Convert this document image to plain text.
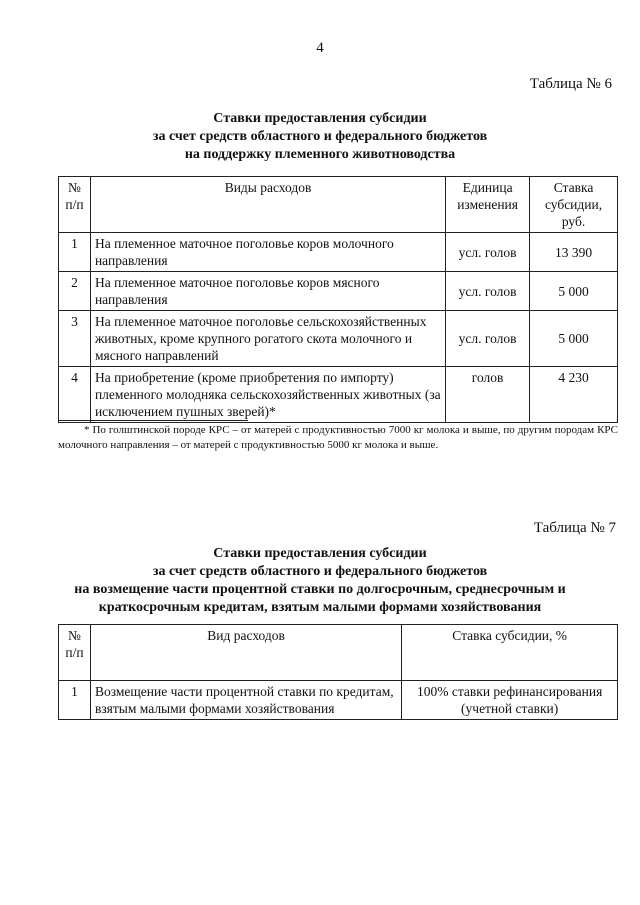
4
Таблица № 6
Ставки предоставления субсидии
за счет средств областного и федерального бюджетов
на поддержку племенного животноводства
№ п/п	Виды расходов	Единица изменения	Ставка субсидии, руб.
1	На племенное маточное поголовье коров молочного направления	усл. голов	13 390
2	На племенное маточное поголовье коров мясного направления	усл. голов	5 000
3	На племенное маточное поголовье сельскохозяйственных животных, кроме крупного рогатого скота молочного и мясного направлений	усл. голов	5 000
4	На приобретение (кроме приобретения по импорту) племенного молодняка сельскохозяйственных животных (за исключением пушных зверей)*	голов	4 230
* По голштинской породе КРС – от матерей с продуктивностью 7000 кг молока и выше, по другим породам КРС молочного направления – от матерей с продуктивностью 5000 кг молока и выше.
Таблица № 7
Ставки предоставления субсидии
за счет средств областного и федерального бюджетов
на возмещение части процентной ставки по долгосрочным, среднесрочным и
краткосрочным кредитам, взятым малыми формами хозяйствования
№ п/п	Вид расходов	Ставка субсидии, %
1	Возмещение части процентной ставки по кредитам, взятым малыми формами хозяйствования	100% ставки рефинансирования (учетной ставки)
